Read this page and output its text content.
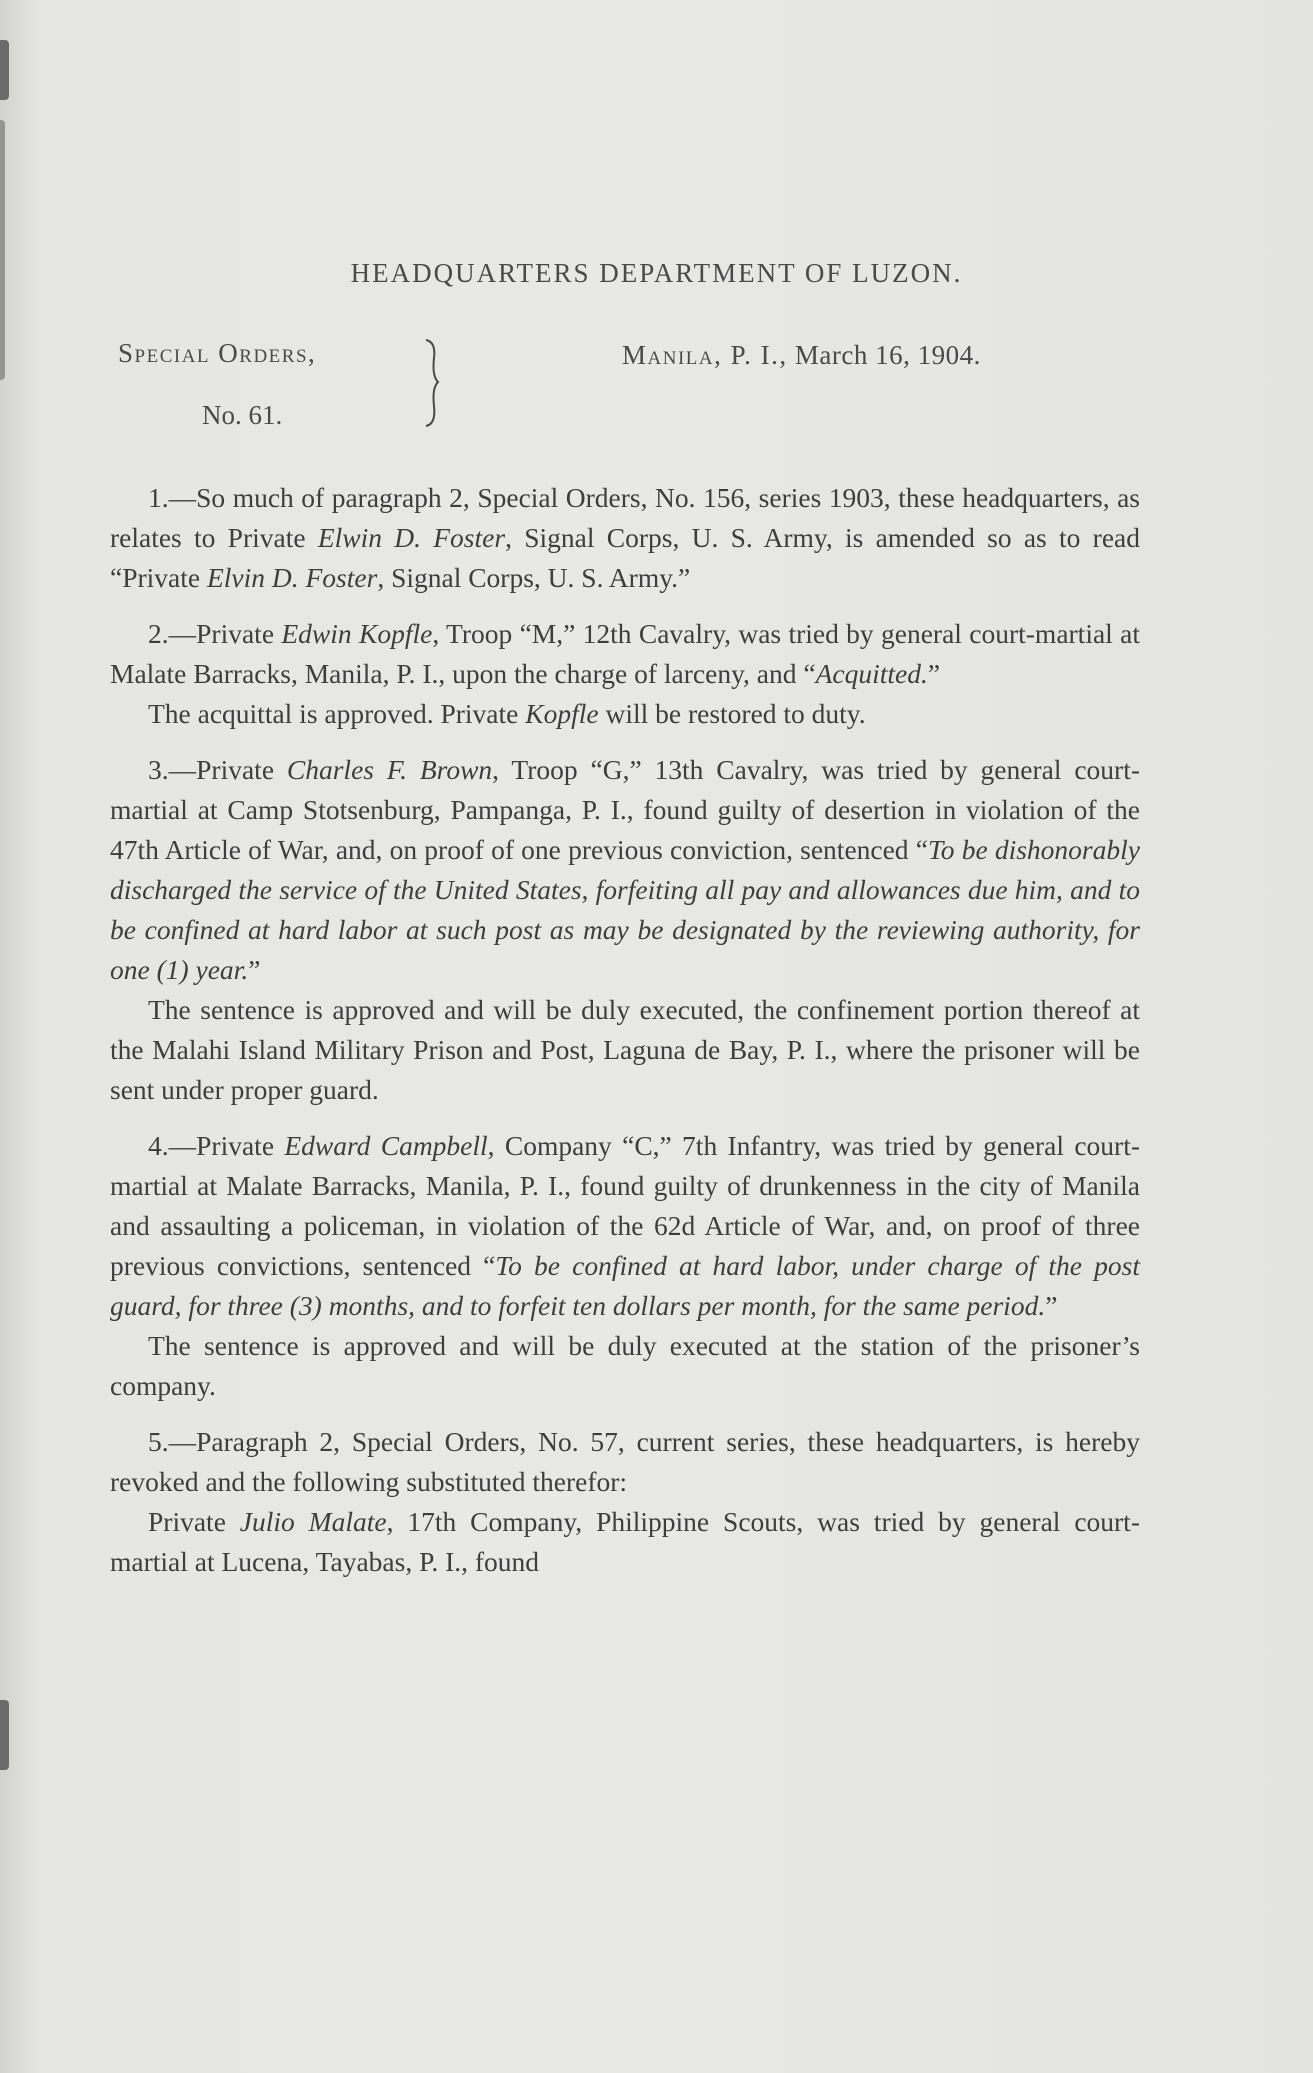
HEADQUARTERS DEPARTMENT OF LUZON.
Special Orders,
No. 61.
Manila, P. I., March 16, 1904.

1.—So much of paragraph 2, Special Orders, No. 156, series 1903, these headquarters, as relates to Private Elwin D. Foster, Signal Corps, U. S. Army, is amended so as to read “Private Elvin D. Foster, Signal Corps, U. S. Army.”

2.—Private Edwin Kopfle, Troop “M,” 12th Cavalry, was tried by general court-martial at Malate Barracks, Manila, P. I., upon the charge of larceny, and “Acquitted.”

The acquittal is approved. Private Kopfle will be restored to duty.

3.—Private Charles F. Brown, Troop “G,” 13th Cavalry, was tried by general court-martial at Camp Stotsenburg, Pampanga, P. I., found guilty of desertion in violation of the 47th Article of War, and, on proof of one previous conviction, sentenced “To be dishonorably discharged the service of the United States, forfeiting all pay and allowances due him, and to be confined at hard labor at such post as may be designated by the reviewing authority, for one (1) year.”

The sentence is approved and will be duly executed, the confinement portion thereof at the Malahi Island Military Prison and Post, Laguna de Bay, P. I., where the prisoner will be sent under proper guard.

4.—Private Edward Campbell, Company “C,” 7th Infantry, was tried by general court-martial at Malate Barracks, Manila, P. I., found guilty of drunkenness in the city of Manila and assaulting a policeman, in violation of the 62d Article of War, and, on proof of three previous convictions, sentenced “To be confined at hard labor, under charge of the post guard, for three (3) months, and to forfeit ten dollars per month, for the same period.”

The sentence is approved and will be duly executed at the station of the prisoner’s company.

5.—Paragraph 2, Special Orders, No. 57, current series, these headquarters, is hereby revoked and the following substituted therefor:

Private Julio Malate, 17th Company, Philippine Scouts, was tried by general court-martial at Lucena, Tayabas, P. I., found
